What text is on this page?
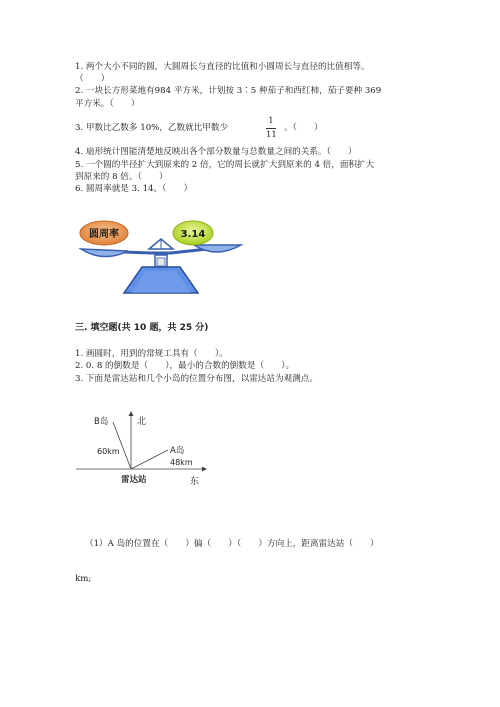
1. 两个大小不同的圆，大圆周长与直径的比值和小圆周长与直径的比值相等。
（　　）
2. 一块长方形菜地有984 平方米，计划按 3∶5 种茄子和西红柿，茄子要种 369
平方米。（　　）
3. 甲数比乙数多 10%，乙数就比甲数少
1
11
。（　　）
4. 扇形统计图能清楚地反映出各个部分数量与总数量之间的关系。（　　）
5. 一个圆的半径扩大到原来的 2 倍，它的周长就扩大到原来的 4 倍，面积扩大
到原来的 8 倍。（　　）
6. 圆周率就是 3. 14。（　　）
圆周率	3.14
三. 填空题(共 10 题，共 25 分)
1. 画圆时，用到的常规工具有（　　）。
2. 0. 8 的倒数是（　　），最小的合数的倒数是（　　）。
3. 下面是雷达站和几个小岛的位置分布图，以雷达站为观测点。
B岛	北
60km	A岛
48km
雷达站	东
（1）A 岛的位置在（　　）偏（　　）（　　）方向上，距离雷达站（　　）
km;
